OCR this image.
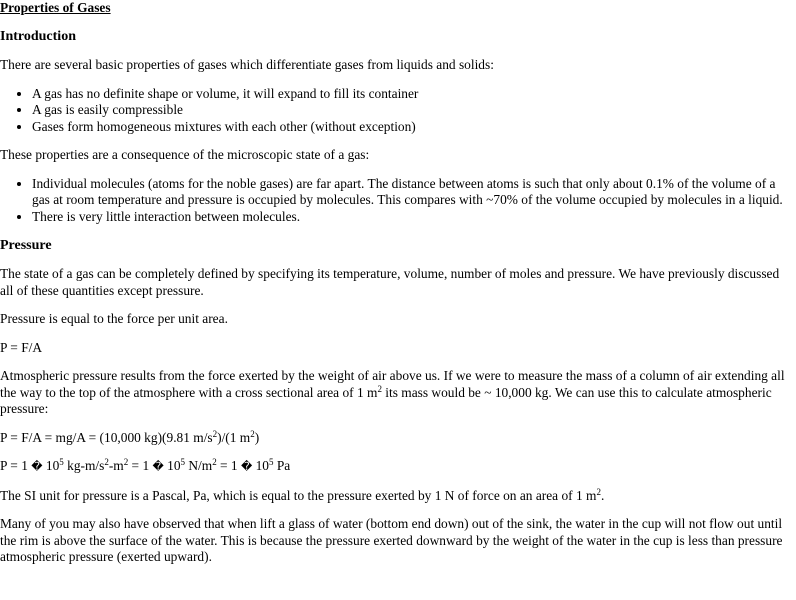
Properties of Gases
Introduction

There are several basic properties of gases which differentiate gases from liquids and solids:

• A gas has no definite shape or volume, it will expand to fill its container
• A gas is easily compressible
• Gases form homogeneous mixtures with each other (without exception)

These properties are a consequence of the microscopic state of a gas:

• Individual molecules (atoms for the noble gases) are far apart. The distance between atoms is such that only about 0.1% of the volume of a gas at room temperature and pressure is occupied by molecules. This compares with ~70% of the volume occupied by molecules in a liquid.
• There is very little interaction between molecules.
Pressure

The state of a gas can be completely defined by specifying its temperature, volume, number of moles and pressure. We have previously discussed all of these quantities except pressure.

Pressure is equal to the force per unit area.

P = F/A

Atmospheric pressure results from the force exerted by the weight of air above us. If we were to measure the mass of a column of air extending all the way to the top of the atmosphere with a cross sectional area of 1 $m^2$ its mass would be ~ 10,000 kg. We can use this to calculate atmospheric pressure:

P = F/A = mg/A = (10,000 kg)(9.81 $m/s^2)/(1$ $m^2$)

P = 1 � $10^5$ $kg-m/s^2-m^2 = 1$ � $10^5$ $N/m^2 = 1$ � $10^5$ Pa

The SI unit for pressure is a Pascal, Pa, which is equal to the pressure exerted by 1 N of force on an area of 1 $m^2$.

Many of you may also have observed that when lift a glass of water (bottom end down) out of the sink, the water in the cup will not flow out until the rim is above the surface of the water. This is because the pressure exerted downward by the weight of the water in the cup is less than pressure atmospheric pressure (exerted upward).
